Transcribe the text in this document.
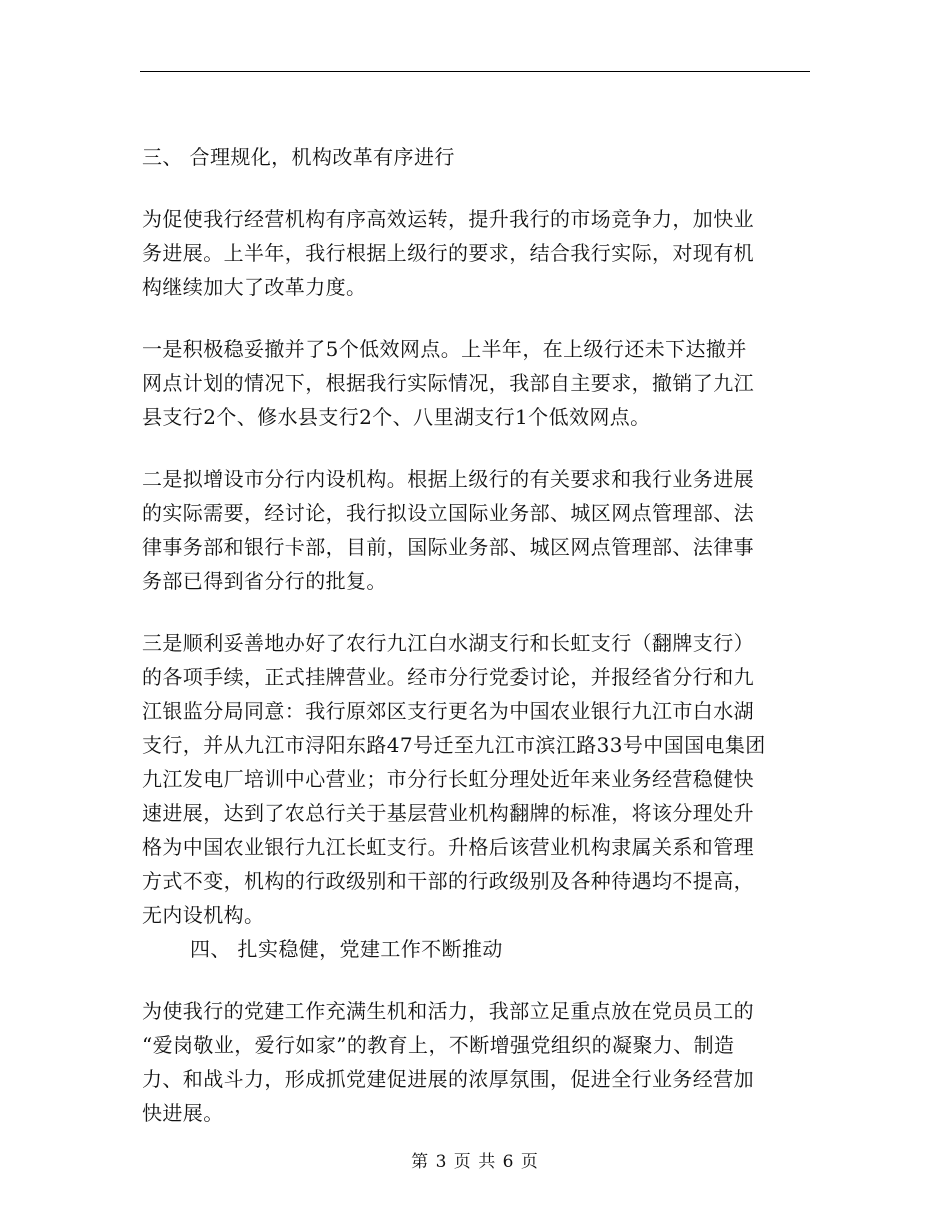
三、 合理规化，机构改革有序进行
为促使我行经营机构有序高效运转，提升我行的市场竞争力，加快业
务进展。上半年，我行根据上级行的要求，结合我行实际，对现有机
构继续加大了改革力度。
一是积极稳妥撤并了5个低效网点。上半年，在上级行还未下达撤并
网点计划的情况下，根据我行实际情况，我部自主要求，撤销了九江
县支行2个、修水县支行2个、八里湖支行1个低效网点。
二是拟增设市分行内设机构。根据上级行的有关要求和我行业务进展
的实际需要，经讨论，我行拟设立国际业务部、城区网点管理部、法
律事务部和银行卡部，目前，国际业务部、城区网点管理部、法律事
务部已得到省分行的批复。
三是顺利妥善地办好了农行九江白水湖支行和长虹支行（翻牌支行）
的各项手续，正式挂牌营业。经市分行党委讨论，并报经省分行和九
江银监分局同意：我行原郊区支行更名为中国农业银行九江市白水湖
支行，并从九江市浔阳东路47号迁至九江市滨江路33号中国国电集团
九江发电厂培训中心营业；市分行长虹分理处近年来业务经营稳健快
速进展，达到了农总行关于基层营业机构翻牌的标准，将该分理处升
格为中国农业银行九江长虹支行。升格后该营业机构隶属关系和管理
方式不变，机构的行政级别和干部的行政级别及各种待遇均不提高，
无内设机构。
四、 扎实稳健，党建工作不断推动
为使我行的党建工作充满生机和活力，我部立足重点放在党员员工的
“爱岗敬业，爱行如家”的教育上，不断增强党组织的凝聚力、制造
力、和战斗力，形成抓党建促进展的浓厚氛围，促进全行业务经营加
快进展。
第 3 页 共 6 页
